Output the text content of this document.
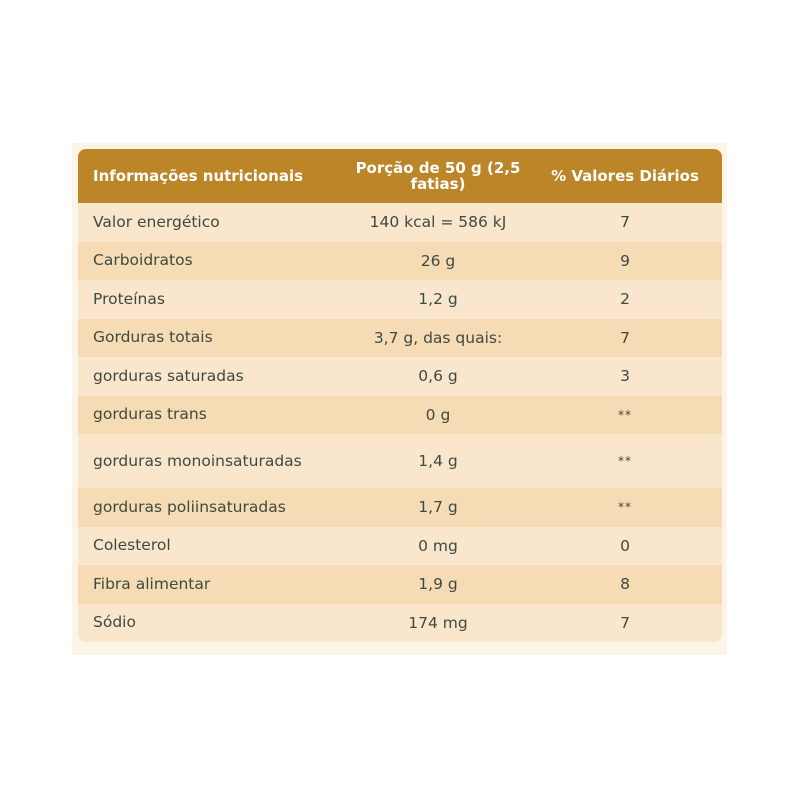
Informações nutricionais	Porção de 50 g (2,5 fatias)	% Valores Diários
Valor energético	140 kcal = 586 kJ	7
Carboidratos	26 g	9
Proteínas	1,2 g	2
Gorduras totais	3,7 g, das quais:	7
gorduras saturadas	0,6 g	3
gorduras trans	0 g	**
gorduras monoinsaturadas	1,4 g	**
gorduras poliinsaturadas	1,7 g	**
Colesterol	0 mg	0
Fibra alimentar	1,9 g	8
Sódio	174 mg	7
